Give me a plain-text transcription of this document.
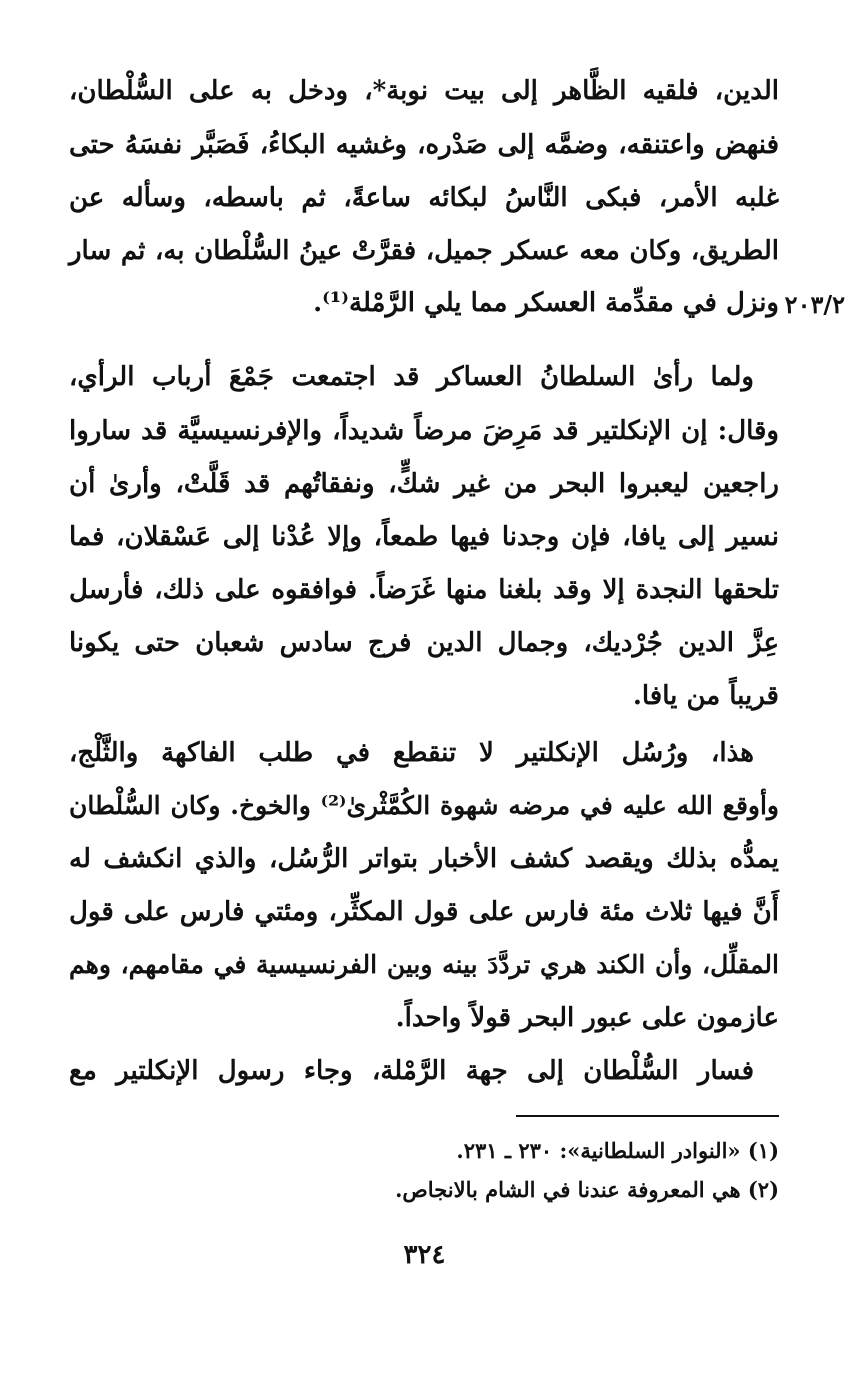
الدين، فلقيه الظَّاهر إلى بيت نوبة*، ودخل به على السُّلْطان،
فنهض واعتنقه، وضمَّه إلى صَدْره، وغشيه البكاءُ، فَصَبَّر نفسَهُ حتى
غلبه الأمر، فبكى النَّاسُ لبكائه ساعةً، ثم باسطه، وسأله عن
الطريق، وكان معه عسكر جميل، فقرَّتْ عينُ السُّلْطان به، ثم سار
ونزل في مقدِّمة العسكر مما يلي الرَّمْلة⁽¹⁾. ٢٠٣/٢
ولما رأىٰ السلطانُ العساكر قد اجتمعت جَمْعَ أرباب الرأي،
وقال: إن الإنكلتير قد مَرِضَ مرضاً شديداً، والإفرنسيسيَّة قد ساروا
راجعين ليعبروا البحر من غير شكٍّ، ونفقاتُهم قد قَلَّتْ، وأرىٰ أن
نسير إلى يافا، فإن وجدنا فيها طمعاً، وإلا عُدْنا إلى عَسْقلان، فما
تلحقها النجدة إلا وقد بلغنا منها غَرَضاً. فوافقوه على ذلك، فأرسل
عِزَّ الدين جُرْديك، وجمال الدين فرج سادس شعبان حتى يكونا
قريباً من يافا.
هذا، ورُسُل الإنكلتير لا تنقطع في طلب الفاكهة والثَّلْج،
وأوقع الله عليه في مرضه شهوة الكُمَّثْرىٰ⁽²⁾ والخوخ. وكان السُّلْطان
يمدُّه بذلك ويقصد كشف الأخبار بتواتر الرُّسُل، والذي انكشف له
أَنَّ فيها ثلاث مئة فارس على قول المكثِّر، ومئتي فارس على قول
المقلِّل، وأن الكند هري تردَّدَ بينه وبين الفرنسيسية في مقامهم، وهم
عازمون على عبور البحر قولاً واحداً.
فسار السُّلْطان إلى جهة الرَّمْلة، وجاء رسول الإنكلتير مع
(١) «النوادر السلطانية»: ٢٣٠ ـ ٢٣١.
(٢) هي المعروفة عندنا في الشام بالانجاص.
٣٢٤
